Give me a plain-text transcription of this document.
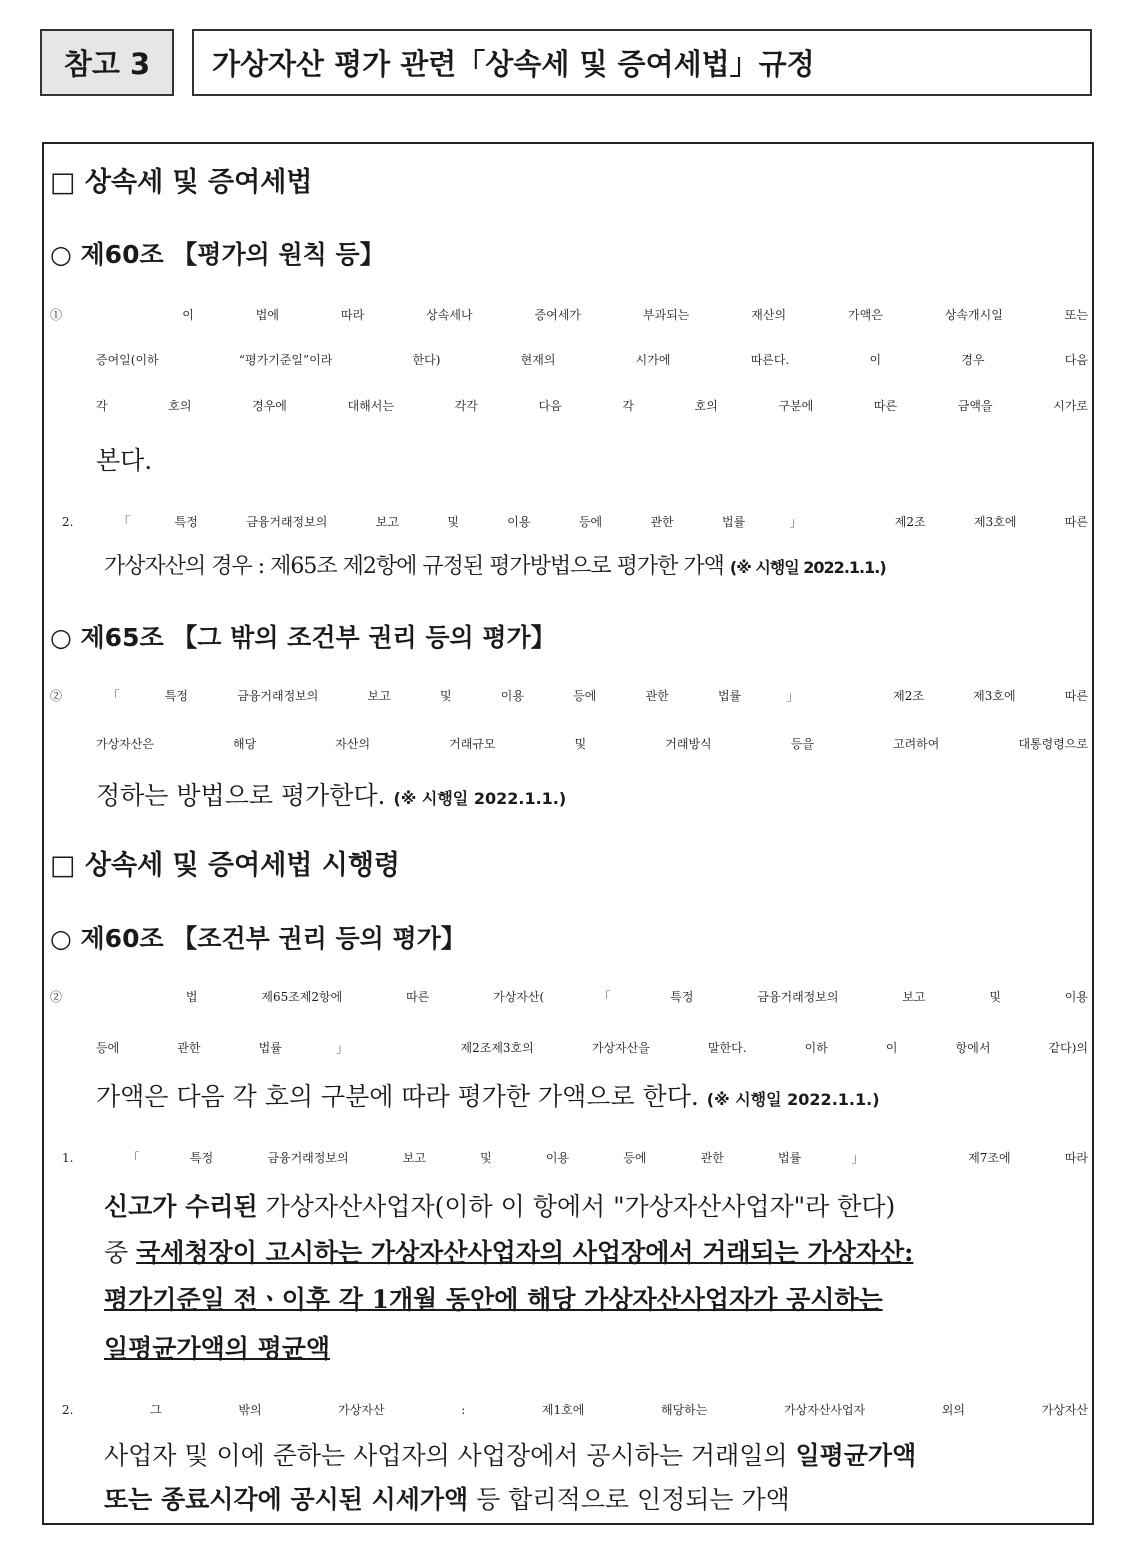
참고 3	가상자산 평가 관련「상속세 및 증여세법」규정
□ 상속세 및 증여세법
○ 제60조 【평가의 원칙 등】
① 이 법에 따라 상속세나 증여세가 부과되는 재산의 가액은 상속개시일 또는
증여일(이하 “평가기준일”이라 한다) 현재의 시가에 따른다. 이 경우 다음
각 호의 경우에 대해서는 각각 다음 각 호의 구분에 따른 금액을 시가로
본다.
2.「특정 금융거래정보의 보고 및 이용 등에 관한 법률」 제2조 제3호에 따른
가상자산의 경우 : 제65조 제2항에 규정된 평가방법으로 평가한 가액 (※ 시행일 2022.1.1.)
○ 제65조 【그 밖의 조건부 권리 등의 평가】
②「특정 금융거래정보의 보고 및 이용 등에 관한 법률」 제2조 제3호에 따른
가상자산은 해당 자산의 거래규모 및 거래방식 등을 고려하여 대통령령으로
정하는 방법으로 평가한다. (※ 시행일 2022.1.1.)
□ 상속세 및 증여세법 시행령
○ 제60조 【조건부 권리 등의 평가】
② 법 제65조제2항에 따른 가상자산(「특정 금융거래정보의 보고 및 이용
등에 관한 법률」 제2조제3호의 가상자산을 말한다. 이하 이 항에서 같다)의
가액은 다음 각 호의 구분에 따라 평가한 가액으로 한다. (※ 시행일 2022.1.1.)
1. 「특정 금융거래정보의 보고 및 이용 등에 관한 법률」 제7조에 따라
신고가 수리된 가상자산사업자(이하 이 항에서 "가상자산사업자"라 한다)
중 국세청장이 고시하는 가상자산사업자의 사업장에서 거래되는 가상자산:
평가기준일 전ㆍ이후 각 1개월 동안에 해당 가상자산사업자가 공시하는
일평균가액의 평균액
2. 그 밖의 가상자산 : 제1호에 해당하는 가상자산사업자 외의 가상자산
사업자 및 이에 준하는 사업자의 사업장에서 공시하는 거래일의 일평균가액
또는 종료시각에 공시된 시세가액 등 합리적으로 인정되는 가액
